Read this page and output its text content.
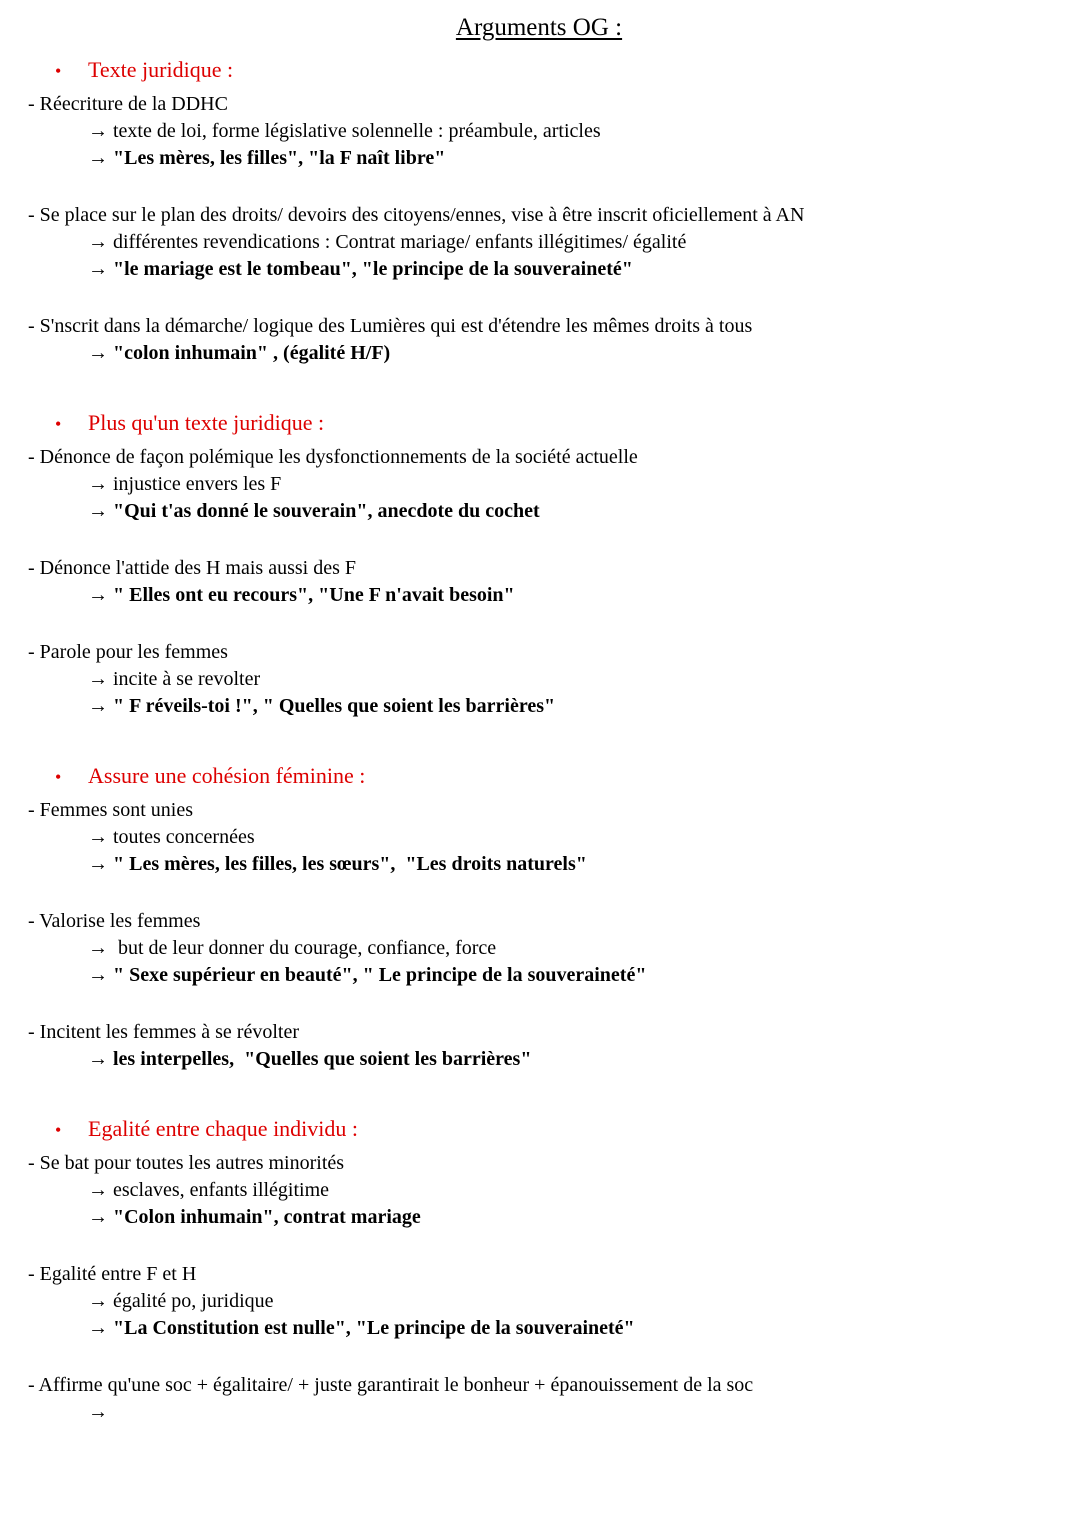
Arguments OG :
•	Texte juridique :
- Réecriture de la DDHC
→ texte de loi, forme législative solennelle : préambule, articles
→ "Les mères, les filles", "la F naît libre"
- Se place sur le plan des droits/ devoirs des citoyens/ennes, vise à être inscrit oficiellement à AN
→ différentes revendications : Contrat mariage/ enfants illégitimes/ égalité
→ "le mariage est le tombeau", "le principe de la souveraineté"
- S'nscrit dans la démarche/ logique des Lumières qui est d'étendre les mêmes droits à tous
→ "colon inhumain" , (égalité H/F)
•	Plus qu'un texte juridique :
- Dénonce de façon polémique les dysfonctionnements de la société actuelle
→ injustice envers les F
→ "Qui t'as donné le souverain", anecdote du cochet
- Dénonce l'attide des H mais aussi des F
→ " Elles ont eu recours", "Une F n'avait besoin"
- Parole pour les femmes
→ incite à se revolter
→ " F réveils-toi !", " Quelles que soient les barrières"
•	Assure une cohésion féminine :
- Femmes sont unies
→ toutes concernées
→ " Les mères, les filles, les sœurs",  "Les droits naturels"
- Valorise les femmes
→  but de leur donner du courage, confiance, force
→ " Sexe supérieur en beauté", " Le principe de la souveraineté"
- Incitent les femmes à se révolter
→ les interpelles,  "Quelles que soient les barrières"
•	Egalité entre chaque individu :
- Se bat pour toutes les autres minorités
→ esclaves, enfants illégitime
→ "Colon inhumain", contrat mariage
- Egalité entre F et H
→ égalité po, juridique
→ "La Constitution est nulle", "Le principe de la souveraineté"
- Affirme qu'une soc + égalitaire/ + juste garantirait le bonheur + épanouissement de la soc
→
